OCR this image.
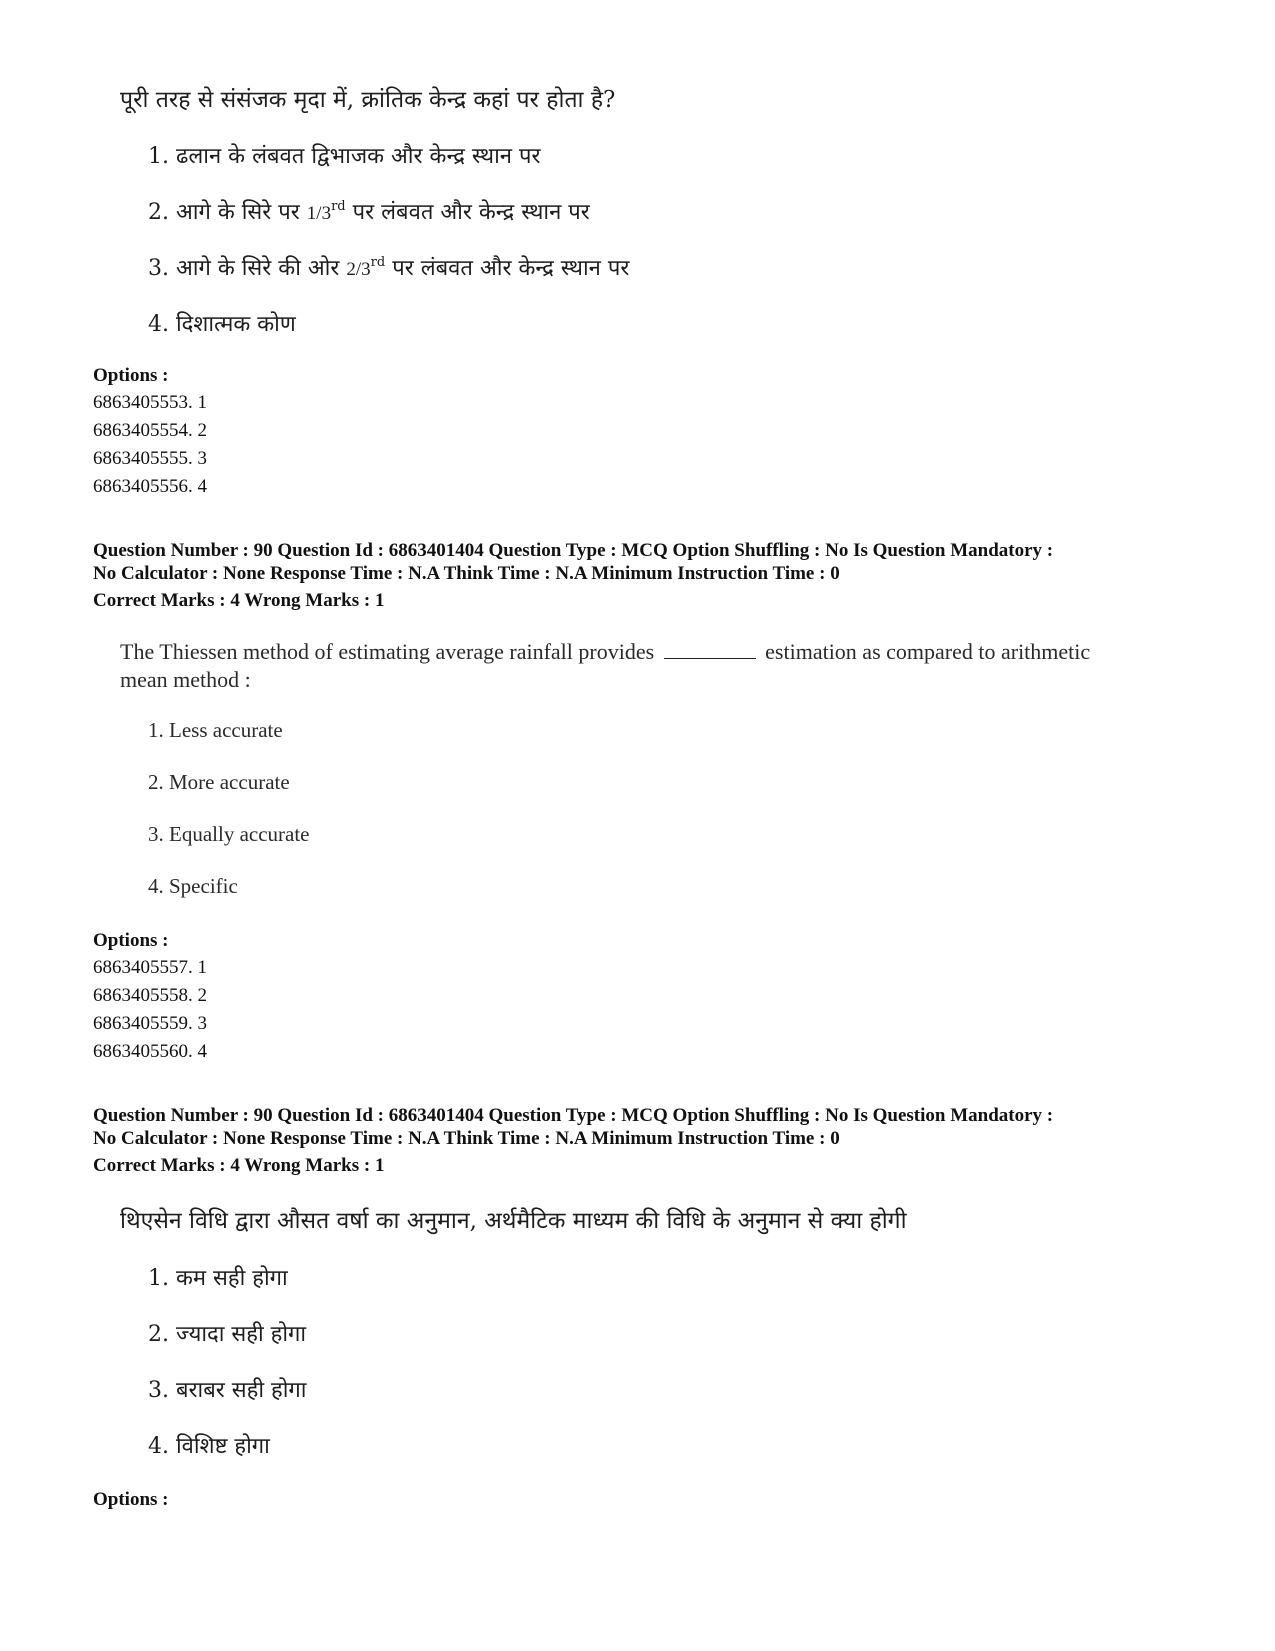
पूरी तरह से संसंजक मृदा में, क्रांतिक केन्द्र कहां पर होता है?
1. ढलान के लंबवत द्विभाजक और केन्द्र स्थान पर
2. आगे के सिरे पर 1/3rd पर लंबवत और केन्द्र स्थान पर
3. आगे के सिरे की ओर 2/3rd पर लंबवत और केन्द्र स्थान पर
4. दिशात्मक कोण
Options :
6863405553. 1
6863405554. 2
6863405555. 3
6863405556. 4
Question Number : 90 Question Id : 6863401404 Question Type : MCQ Option Shuffling : No Is Question Mandatory :
No Calculator : None Response Time : N.A Think Time : N.A Minimum Instruction Time : 0
Correct Marks : 4 Wrong Marks : 1
The Thiessen method of estimating average rainfall provides	estimation as compared to arithmetic
mean method :
1. Less accurate
2. More accurate
3. Equally accurate
4. Specific
Options :
6863405557. 1
6863405558. 2
6863405559. 3
6863405560. 4
Question Number : 90 Question Id : 6863401404 Question Type : MCQ Option Shuffling : No Is Question Mandatory :
No Calculator : None Response Time : N.A Think Time : N.A Minimum Instruction Time : 0
Correct Marks : 4 Wrong Marks : 1
थिएसेन विधि द्वारा औसत वर्षा का अनुमान, अर्थमैटिक माध्यम की विधि के अनुमान से क्या होगी
1. कम सही होगा
2. ज्यादा सही होगा
3. बराबर सही होगा
4. विशिष्ट होगा
Options :
